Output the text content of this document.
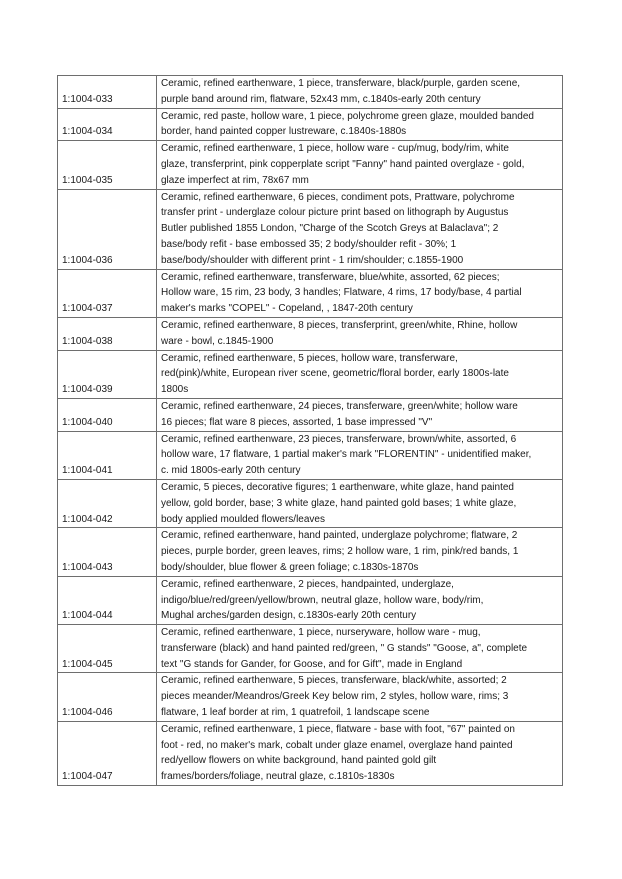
1:1004-033	Ceramic, refined earthenware, 1 piece, transferware, black/purple, garden scene,
purple band around rim, flatware, 52x43 mm, c.1840s-early 20th century

1:1004-034	Ceramic, red paste, hollow ware, 1 piece, polychrome green glaze, moulded banded
border, hand painted copper lustreware, c.1840s-1880s

1:1004-035	Ceramic, refined earthenware, 1 piece, hollow ware - cup/mug, body/rim, white
glaze, transferprint, pink copperplate script "Fanny" hand painted overglaze - gold,
glaze imperfect at rim, 78x67 mm

1:1004-036	Ceramic, refined earthenware, 6 pieces, condiment pots, Prattware, polychrome
transfer print - underglaze colour picture print based on lithograph by Augustus
Butler published 1855 London, "Charge of the Scotch Greys at Balaclava"; 2
base/body refit - base embossed 35; 2 body/shoulder refit - 30%; 1
base/body/shoulder with different print - 1 rim/shoulder; c.1855-1900

1:1004-037	Ceramic, refined earthenware, transferware, blue/white, assorted, 62 pieces;
Hollow ware, 15 rim, 23 body, 3 handles; Flatware, 4 rims, 17 body/base, 4 partial
maker's marks "COPEL" - Copeland, , 1847-20th century

1:1004-038	Ceramic, refined earthenware, 8 pieces, transferprint, green/white, Rhine, hollow
ware - bowl, c.1845-1900

1:1004-039	Ceramic, refined earthenware, 5 pieces, hollow ware, transferware,
red(pink)/white, European river scene, geometric/floral border, early 1800s-late
1800s

1:1004-040	Ceramic, refined earthenware, 24 pieces, transferware, green/white; hollow ware
16 pieces; flat ware 8 pieces, assorted, 1 base impressed "V"

1:1004-041	Ceramic, refined earthenware, 23 pieces, transferware, brown/white, assorted, 6
hollow ware, 17 flatware, 1 partial maker's mark "FLORENTIN" - unidentified maker,
c. mid 1800s-early 20th century

1:1004-042	Ceramic, 5 pieces, decorative figures; 1 earthenware, white glaze, hand painted
yellow, gold border, base; 3 white glaze, hand painted gold bases; 1 white glaze,
body applied moulded flowers/leaves

1:1004-043	Ceramic, refined earthenware, hand painted, underglaze polychrome; flatware, 2
pieces, purple border, green leaves, rims; 2 hollow ware, 1 rim, pink/red bands, 1
body/shoulder, blue flower & green foliage; c.1830s-1870s

1:1004-044	Ceramic, refined earthenware, 2 pieces, handpainted, underglaze,
indigo/blue/red/green/yellow/brown, neutral glaze, hollow ware, body/rim,
Mughal arches/garden design, c.1830s-early 20th century

1:1004-045	Ceramic, refined earthenware, 1 piece, nurseryware, hollow ware - mug,
transferware (black) and hand painted red/green, " G stands" "Goose, a", complete
text "G stands for Gander, for Goose, and for Gift", made in England

1:1004-046	Ceramic, refined earthenware, 5 pieces, transferware, black/white, assorted; 2
pieces meander/Meandros/Greek Key below rim, 2 styles, hollow ware, rims; 3
flatware, 1 leaf border at rim, 1 quatrefoil, 1 landscape scene

1:1004-047	Ceramic, refined earthenware, 1 piece, flatware - base with foot, "67" painted on
foot - red, no maker's mark, cobalt under glaze enamel, overglaze hand painted
red/yellow flowers on white background, hand painted gold gilt
frames/borders/foliage, neutral glaze, c.1810s-1830s
